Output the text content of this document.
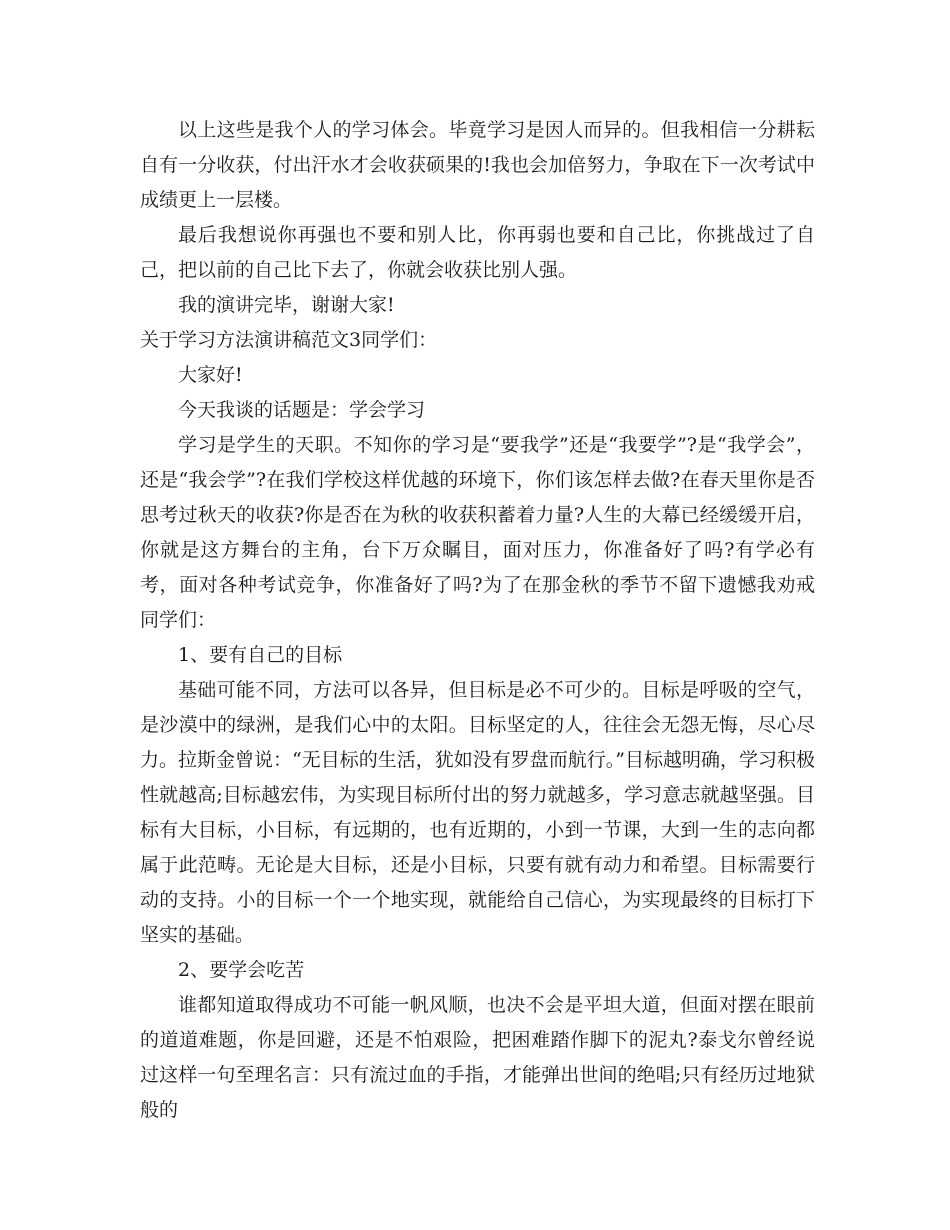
以上这些是我个人的学习体会。毕竟学习是因人而异的。但我相信一分耕耘自有一分收获，付出汗水才会收获硕果的!我也会加倍努力，争取在下一次考试中成绩更上一层楼。

最后我想说你再强也不要和别人比，你再弱也要和自己比，你挑战过了自己，把以前的自己比下去了，你就会收获比别人强。

我的演讲完毕，谢谢大家!

关于学习方法演讲稿范文3同学们：

大家好!

今天我谈的话题是：学会学习

学习是学生的天职。不知你的学习是“要我学”还是“我要学”?是“我学会”，还是“我会学”?在我们学校这样优越的环境下，你们该怎样去做?在春天里你是否思考过秋天的收获?你是否在为秋的收获积蓄着力量?人生的大幕已经缓缓开启，你就是这方舞台的主角，台下万众瞩目，面对压力，你准备好了吗?有学必有考，面对各种考试竞争，你准备好了吗?为了在那金秋的季节不留下遗憾我劝戒同学们：

1、要有自己的目标

基础可能不同，方法可以各异，但目标是必不可少的。目标是呼吸的空气，是沙漠中的绿洲，是我们心中的太阳。目标坚定的人，往往会无怨无悔，尽心尽力。拉斯金曾说：“无目标的生活，犹如没有罗盘而航行。”目标越明确，学习积极性就越高;目标越宏伟，为实现目标所付出的努力就越多，学习意志就越坚强。目标有大目标，小目标，有远期的，也有近期的，小到一节课，大到一生的志向都属于此范畴。无论是大目标，还是小目标，只要有就有动力和希望。目标需要行动的支持。小的目标一个一个地实现，就能给自己信心，为实现最终的目标打下坚实的基础。

2、要学会吃苦

谁都知道取得成功不可能一帆风顺，也决不会是平坦大道，但面对摆在眼前的道道难题，你是回避，还是不怕艰险，把困难踏作脚下的泥丸?泰戈尔曾经说过这样一句至理名言：只有流过血的手指，才能弹出世间的绝唱;只有经历过地狱般的
